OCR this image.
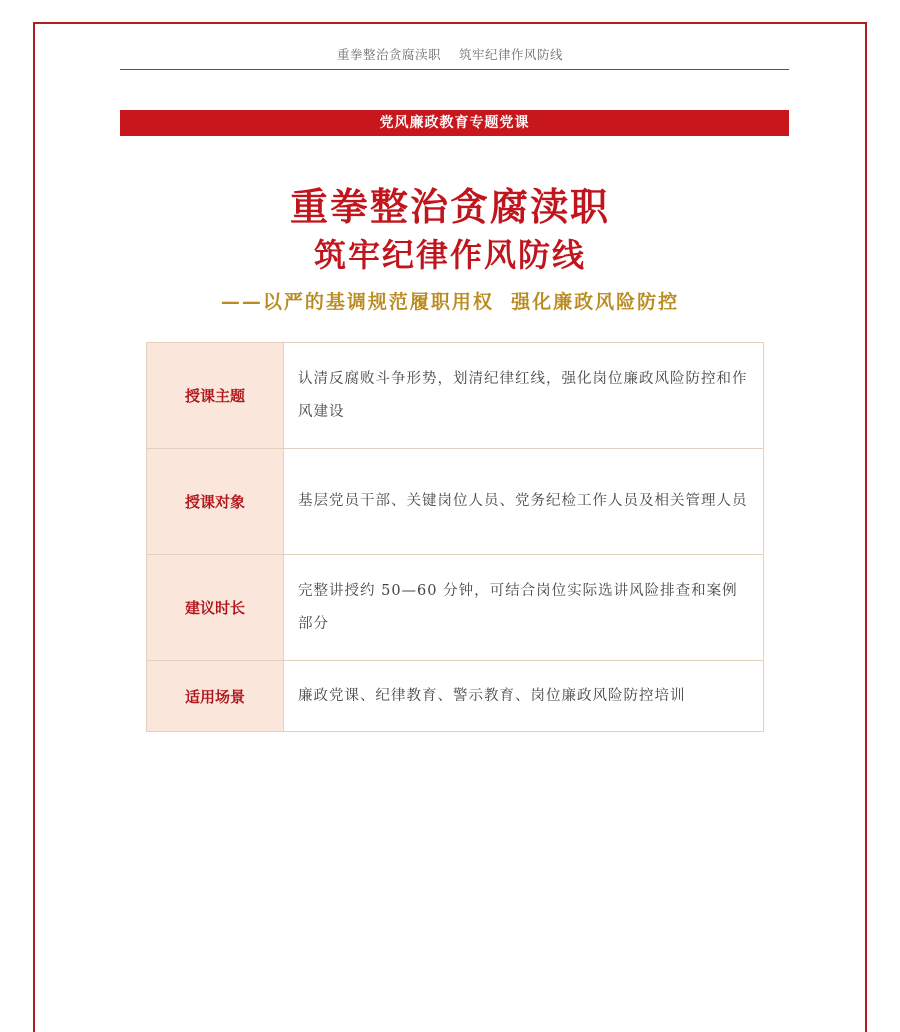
重拳整治贪腐渎职    筑牢纪律作风防线
党风廉政教育专题党课
重拳整治贪腐渎职
筑牢纪律作风防线
——以严的基调规范履职用权  强化廉政风险防控
授课主题	认清反腐败斗争形势，划清纪律红线，强化岗位廉政风险防控和作风建设
授课对象	基层党员干部、关键岗位人员、党务纪检工作人员及相关管理人员
建议时长	完整讲授约 50—60 分钟，可结合岗位实际选讲风险排查和案例部分
适用场景	廉政党课、纪律教育、警示教育、岗位廉政风险防控培训
